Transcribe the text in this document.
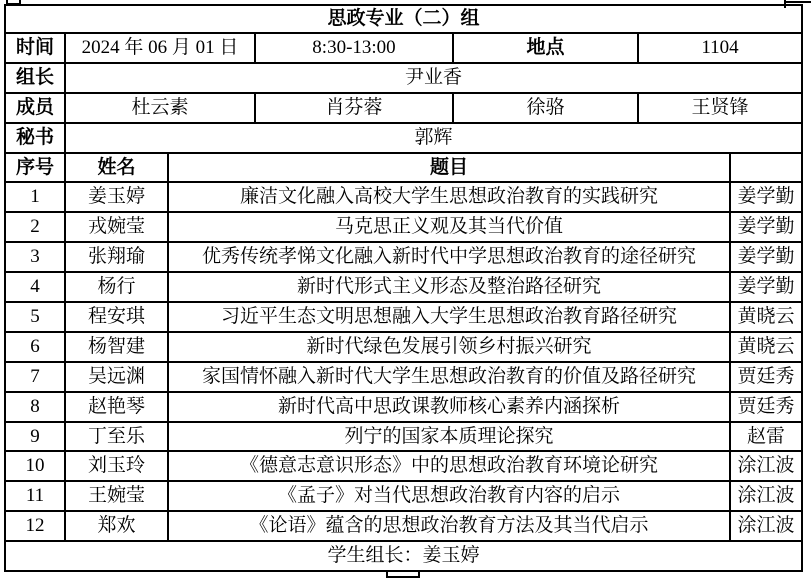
思政专业（二）组						
时间	2024 年 06 月 01 日		8:30-13:00	地点	1104	
组长	尹业香					
成员	杜云素		肖芬蓉	徐骆	王贤锋	
秘书	郭辉					
序号	姓名	题目				
1	姜玉婷	廉洁文化融入高校大学生思想政治教育的实践研究				姜学勤
2	戎婉莹	马克思正义观及其当代价值				姜学勤
3	张翔瑜	优秀传统孝悌文化融入新时代中学思想政治教育的途径研究				姜学勤
4	杨行	新时代形式主义形态及整治路径研究				姜学勤
5	程安琪	习近平生态文明思想融入大学生思想政治教育路径研究				黄晓云
6	杨智建	新时代绿色发展引领乡村振兴研究				黄晓云
7	吴远渊	家国情怀融入新时代大学生思想政治教育的价值及路径研究				贾廷秀
8	赵艳琴	新时代高中思政课教师核心素养内涵探析				贾廷秀
9	丁至乐	列宁的国家本质理论探究				赵雷
10	刘玉玲	《德意志意识形态》中的思想政治教育环境论研究				涂江波
11	王婉莹	《孟子》对当代思想政治教育内容的启示				涂江波
12	郑欢	《论语》蕴含的思想政治教育方法及其当代启示				涂江波
学生组长：姜玉婷						
